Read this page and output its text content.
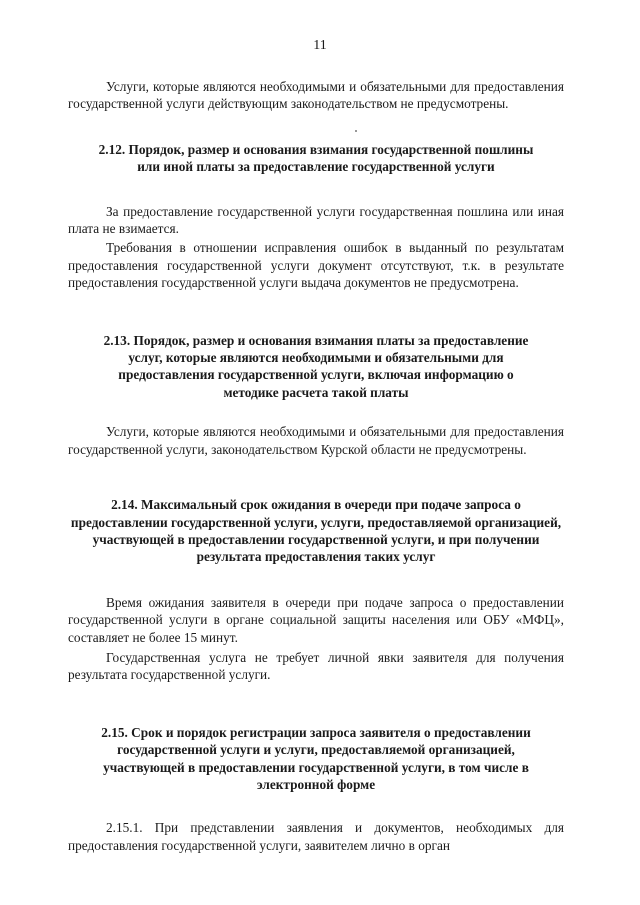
11

Услуги, которые являются необходимыми и обязательными для предоставления государственной услуги действующим законодательством не предусмотрены.

2.12. Порядок, размер и основания взимания государственной пошлины или иной платы за предоставление государственной услуги

За предоставление государственной услуги государственная пошлина или иная плата не взимается.

Требования в отношении исправления ошибок в выданный по результатам предоставления государственной услуги документ отсутствуют, т.к. в результате предоставления государственной услуги выдача документов не предусмотрена.

2.13. Порядок, размер и основания взимания платы за предоставление услуг, которые являются необходимыми и обязательными для предоставления государственной услуги, включая информацию о методике расчета такой платы

Услуги, которые являются необходимыми и обязательными для предоставления государственной услуги, законодательством Курской области не предусмотрены.

2.14. Максимальный срок ожидания в очереди при подаче запроса о предоставлении государственной услуги, услуги, предоставляемой организацией, участвующей в предоставлении государственной услуги, и при получении результата предоставления таких услуг

Время ожидания заявителя в очереди при подаче запроса о предоставлении государственной услуги в органе социальной защиты населения или ОБУ «МФЦ», составляет не более 15 минут.

Государственная услуга не требует личной явки заявителя для получения результата государственной услуги.

2.15. Срок и порядок регистрации запроса заявителя о предоставлении государственной услуги и услуги, предоставляемой организацией, участвующей в предоставлении государственной услуги, в том числе в электронной форме

2.15.1. При представлении заявления и документов, необходимых для предоставления государственной услуги, заявителем лично в орган
